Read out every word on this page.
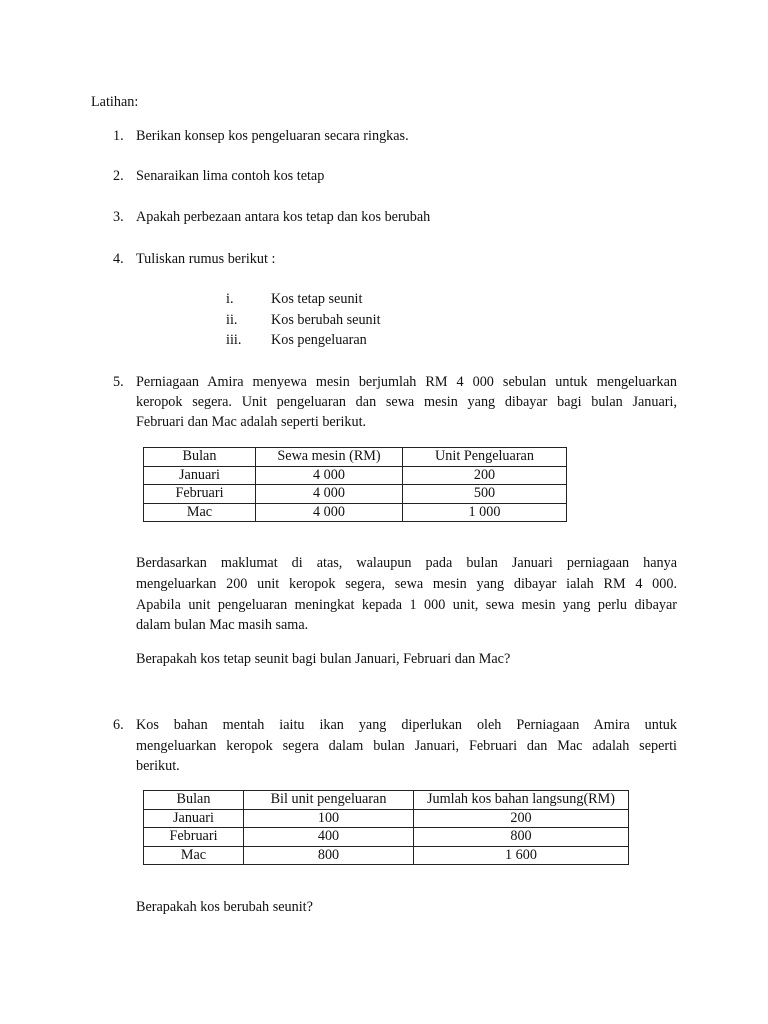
Latihan:
1. Berikan konsep kos pengeluaran secara ringkas.
2. Senaraikan lima contoh kos tetap
3. Apakah perbezaan antara kos tetap dan kos berubah
4. Tuliskan rumus berikut :
i.	Kos tetap seunit
ii. Kos berubah seunit
iii. Kos pengeluaran
5. Perniagaan Amira menyewa mesin berjumlah RM 4 000 sebulan untuk mengeluarkan
keropok segera. Unit pengeluaran dan sewa mesin yang dibayar bagi bulan Januari,
Februari dan Mac adalah seperti berikut.
Bulan	Sewa mesin (RM)	Unit Pengeluaran
Januari	4 000	200
Februari	4 000	500
Mac	4 000	1 000
Berdasarkan maklumat di atas, walaupun pada bulan Januari perniagaan hanya
mengeluarkan 200 unit keropok segera, sewa mesin yang dibayar ialah RM 4 000.
Apabila unit pengeluaran meningkat kepada 1 000 unit, sewa mesin yang perlu dibayar
dalam bulan Mac masih sama.
Berapakah kos tetap seunit bagi bulan Januari, Februari dan Mac?
6. Kos bahan mentah iaitu ikan yang diperlukan oleh Perniagaan Amira untuk
mengeluarkan keropok segera dalam bulan Januari, Februari dan Mac adalah seperti
berikut.
Bulan	Bil unit pengeluaran	Jumlah kos bahan langsung(RM)
Januari	100	200
Februari	400	800
Mac	800	1 600
Berapakah kos berubah seunit?
